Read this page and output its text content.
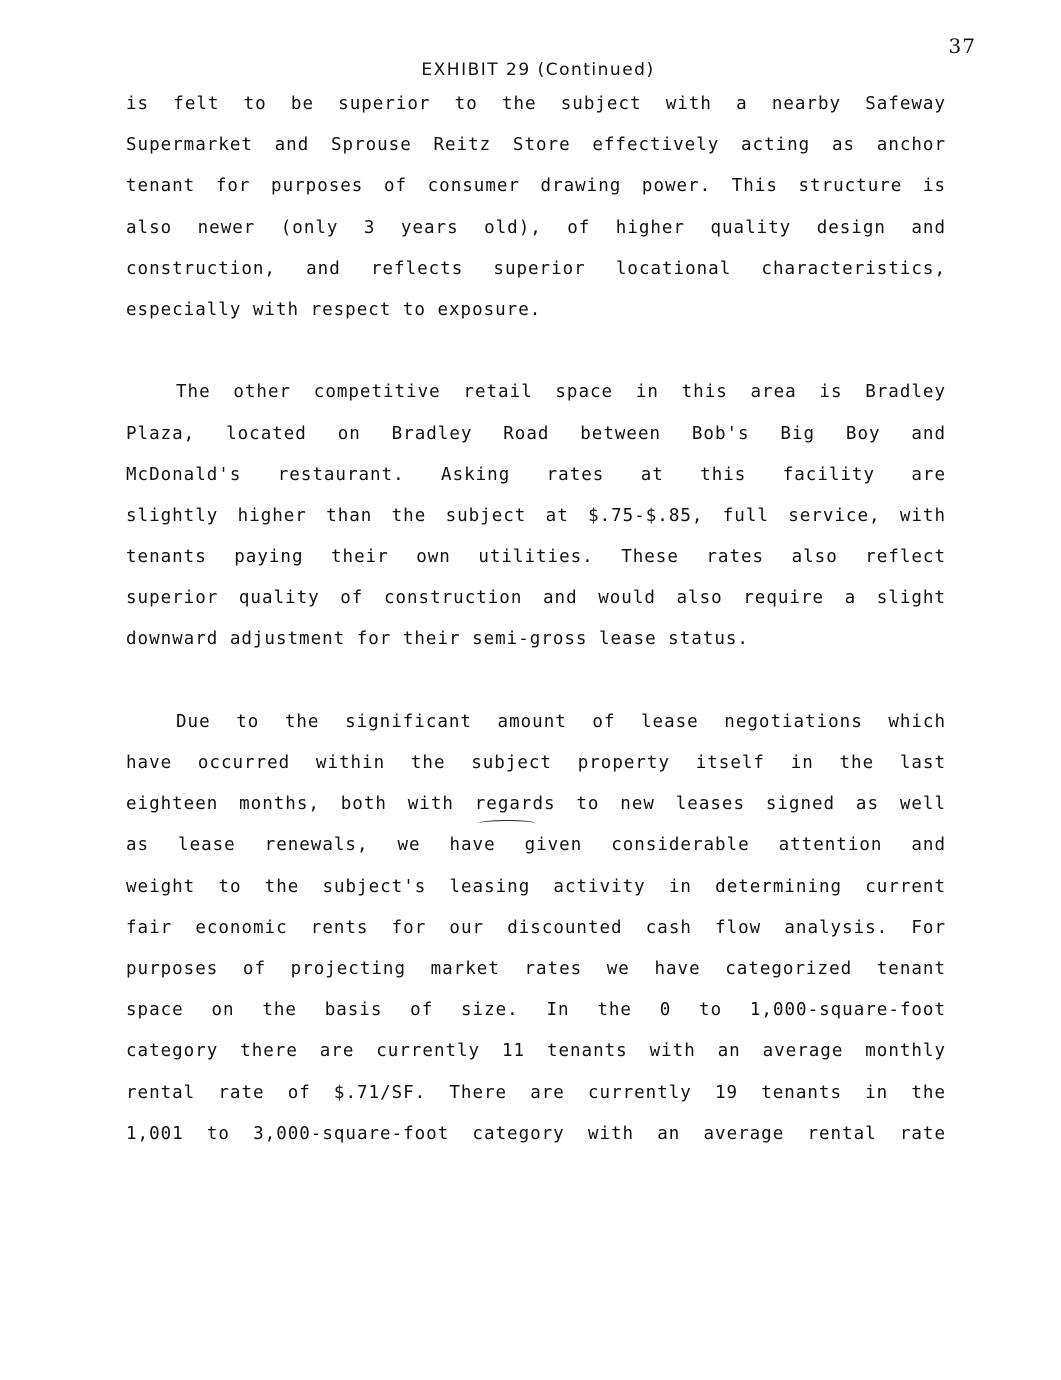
37
EXHIBIT 29 (Continued)
is felt to be superior to the subject with a nearby Safeway
Supermarket and Sprouse Reitz Store effectively acting as anchor
tenant for purposes of consumer drawing power. This structure is
also newer (only 3 years old), of higher quality design and
construction, and reflects superior locational characteristics,
especially with respect to exposure.
The other competitive retail space in this area is Bradley
Plaza, located on Bradley Road between Bob's Big Boy and
McDonald's restaurant. Asking rates at this facility are
slightly higher than the subject at $.75-$.85, full service, with
tenants paying their own utilities. These rates also reflect
superior quality of construction and would also require a slight
downward adjustment for their semi-gross lease status.
Due to the significant amount of lease negotiations which
have occurred within the subject property itself in the last
eighteen months, both with regards to new leases signed as well
as lease renewals, we have given considerable attention and
weight to the subject's leasing activity in determining current
fair economic rents for our discounted cash flow analysis. For
purposes of projecting market rates we have categorized tenant
space on the basis of size. In the 0 to 1,000-square-foot
category there are currently 11 tenants with an average monthly
rental rate of $.71/SF. There are currently 19 tenants in the
1,001 to 3,000-square-foot category with an average rental rate
